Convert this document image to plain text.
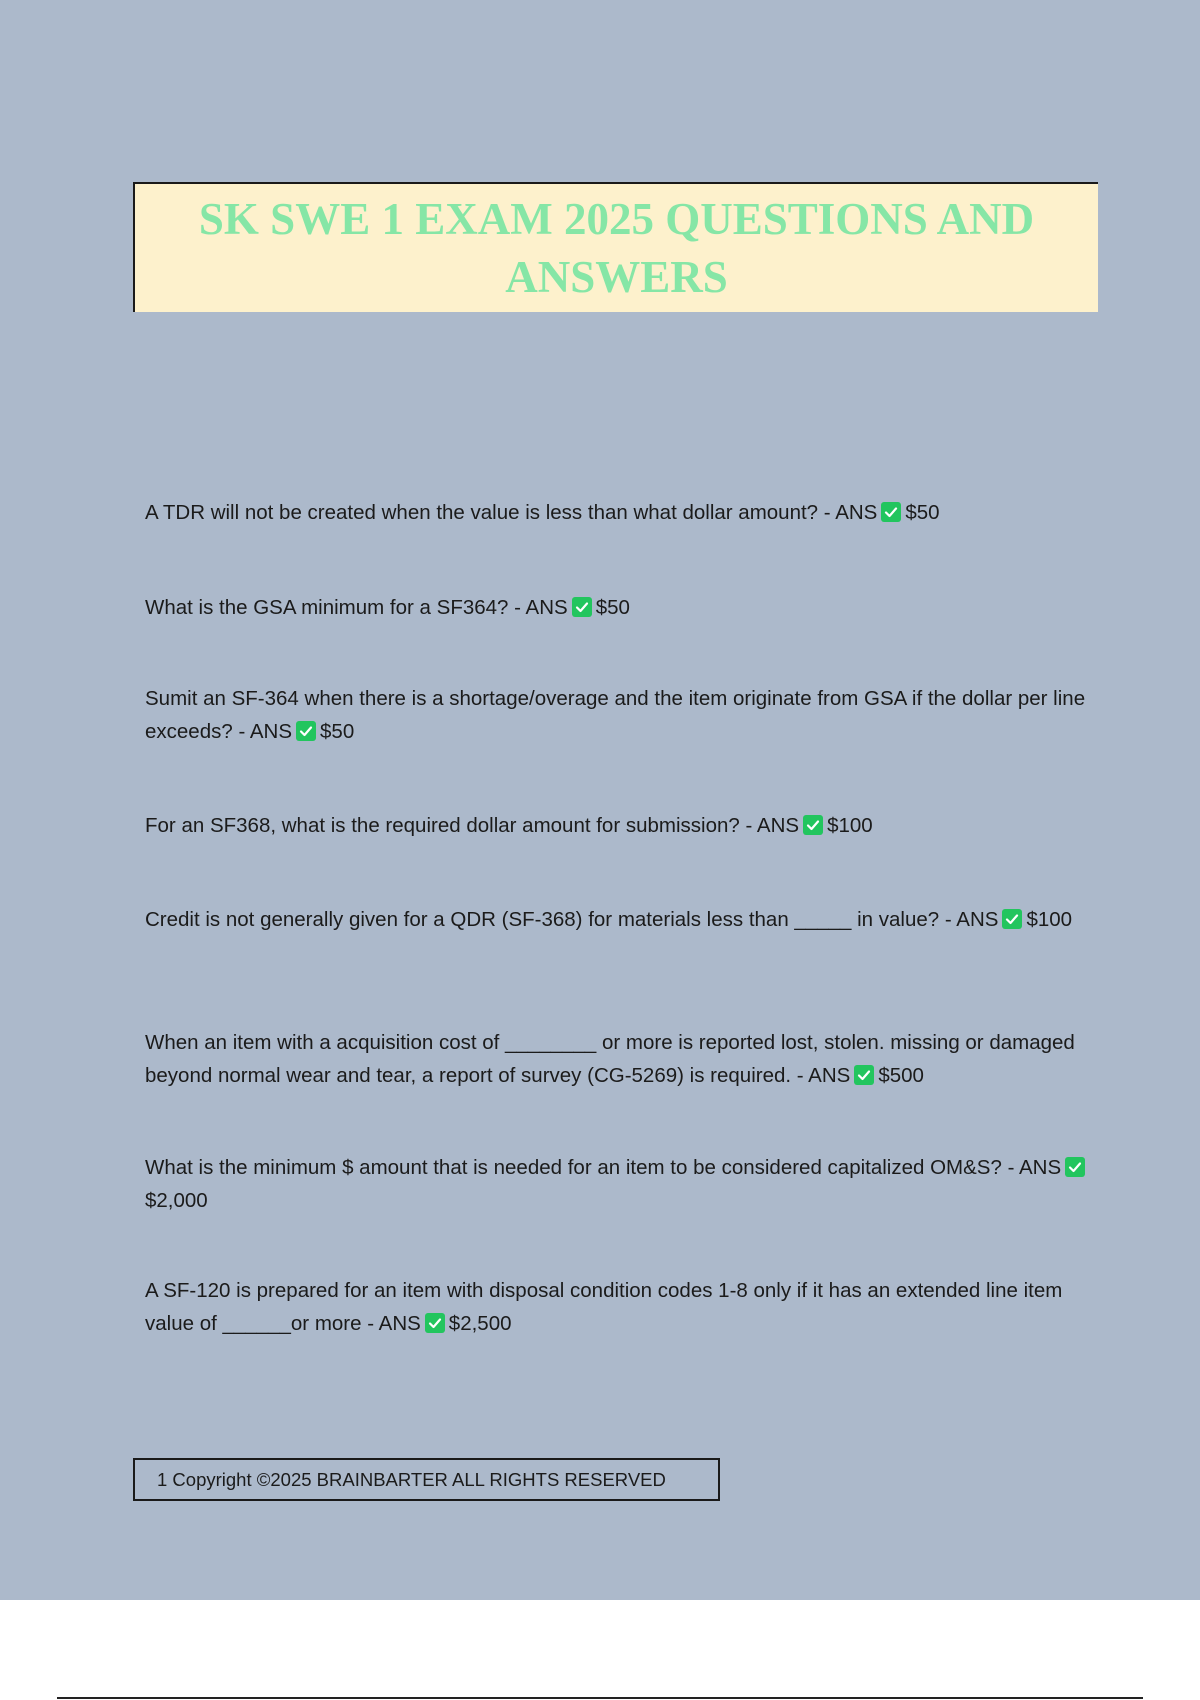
SK SWE 1 EXAM 2025 QUESTIONS AND ANSWERS

A TDR will not be created when the value is less than what dollar amount? - ANS $50

What is the GSA minimum for a SF364? - ANS $50

Sumit an SF-364 when there is a shortage/overage and the item originate from GSA if the dollar per line exceeds? - ANS $50

For an SF368, what is the required dollar amount for submission? - ANS $100

Credit is not generally given for a QDR (SF-368) for materials less than _____ in value? - ANS $100

When an item with a acquisition cost of ________ or more is reported lost, stolen. missing or damaged beyond normal wear and tear, a report of survey (CG-5269) is required. - ANS $500

What is the minimum $ amount that is needed for an item to be considered capitalized OM&S? - ANS
$2,000

A SF-120 is prepared for an item with disposal condition codes 1-8 only if it has an extended line item value of ______or more - ANS $2,500

1 Copyright ©2025 BRAINBARTER ALL RIGHTS RESERVED
